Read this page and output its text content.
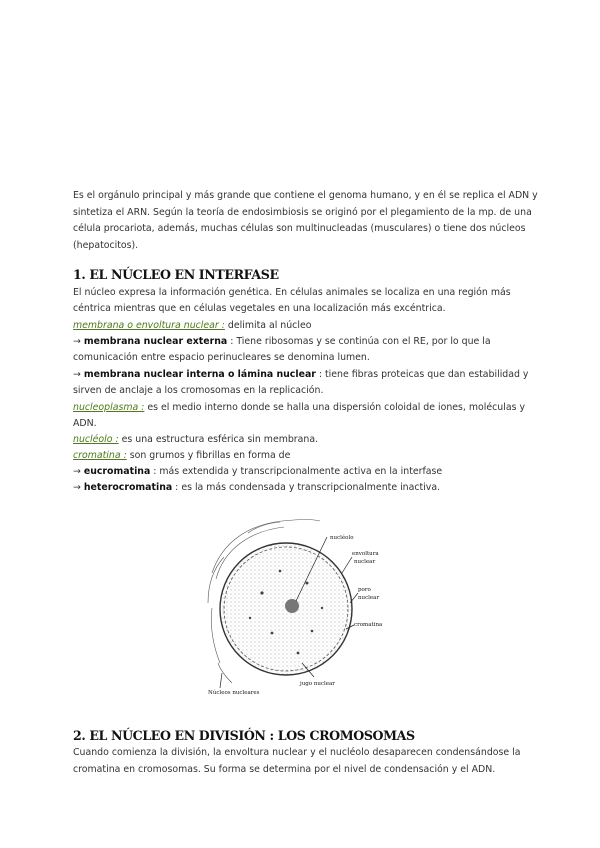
Es el orgánulo principal y más grande que contiene el genoma humano, y en él se replica el ADN y
sintetiza el ARN. Según la teoría de endosimbiosis se originó por el plegamiento de la mp. de una
célula procariota, además, muchas células son multinucleadas (musculares) o tiene dos núcleos
(hepatocitos).
1. EL NÚCLEO EN INTERFASE
El núcleo expresa la información genética. En células animales se localiza en una región más
céntrica mientras que en células vegetales en una localización más excéntrica.
membrana o envoltura nuclear : delimita al núcleo
→ membrana nuclear externa : Tiene ribosomas y se continúa con el RE, por lo que la
comunicación entre espacio perinucleares se denomina lumen.
→ membrana nuclear interna o lámina nuclear : tiene fibras proteicas que dan estabilidad y
sirven de anclaje a los cromosomas en la replicación.
nucleoplasma : es el medio interno donde se halla una dispersión coloidal de iones, moléculas y
ADN.
nucléolo : es una estructura esférica sin membrana.
cromatina : son grumos y fibrillas en forma de
→ eucromatina : más extendida y transcripcionalmente activa en la interfase
→ heterocromatina : es la más condensada y transcripcionalmente inactiva.
nucléolo
envoltura
nuclear
poro
nuclear
cromatina
jugo nuclear
Núcleos nucleares
2. EL NÚCLEO EN DIVISIÓN : LOS CROMOSOMAS
Cuando comienza la división, la envoltura nuclear y el nucléolo desaparecen condensándose la
cromatina en cromosomas. Su forma se determina por el nivel de condensación y el ADN.
